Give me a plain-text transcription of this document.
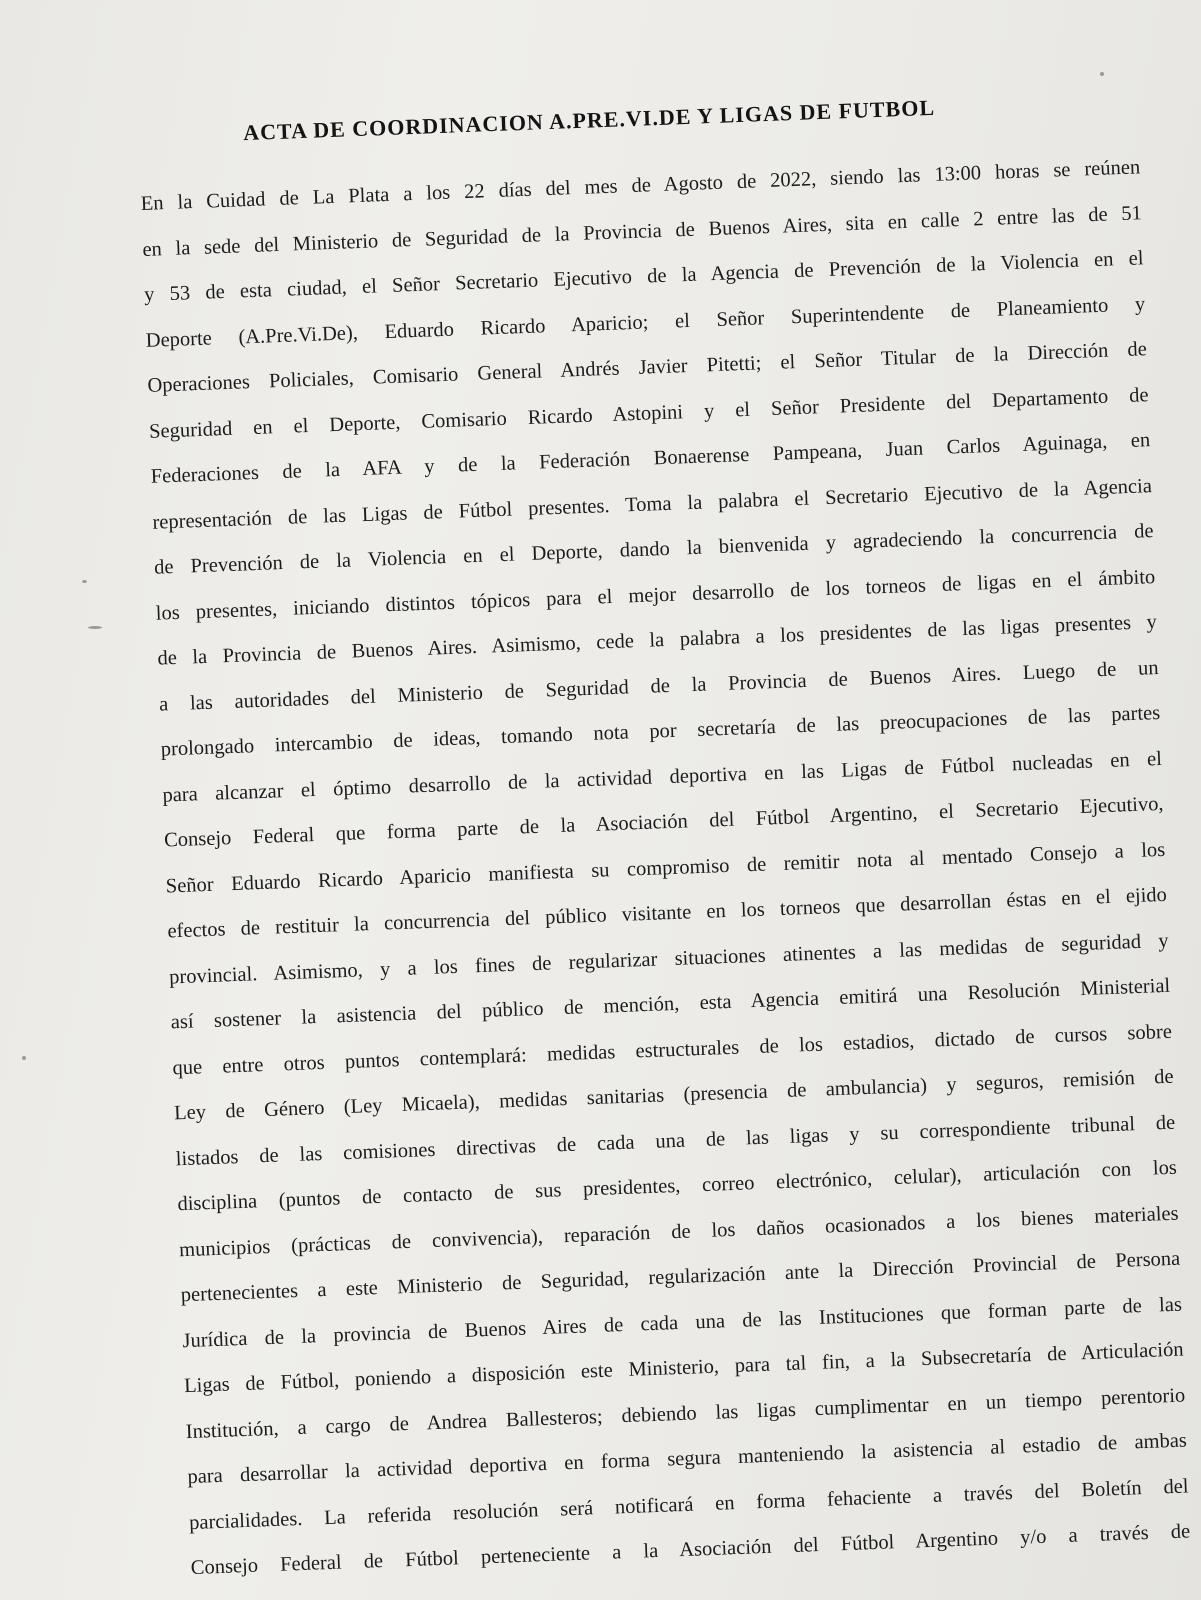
ACTA DE COORDINACION A.PRE.VI.DE Y LIGAS DE FUTBOL
En la Cuidad de La Plata a los 22 días del mes de Agosto de 2022, siendo las 13:00 horas se reúnen
en la sede del Ministerio de Seguridad de la Provincia de Buenos Aires, sita en calle 2 entre las de 51
y 53 de esta ciudad, el Señor Secretario Ejecutivo de la Agencia de Prevención de la Violencia en el
Deporte (A.Pre.Vi.De), Eduardo Ricardo Aparicio; el Señor Superintendente de Planeamiento y
Operaciones Policiales, Comisario General Andrés Javier Pitetti; el Señor Titular de la Dirección de
Seguridad en el Deporte, Comisario Ricardo Astopini y el Señor Presidente del Departamento de
Federaciones de la AFA y de la Federación Bonaerense Pampeana, Juan Carlos Aguinaga, en
representación de las Ligas de Fútbol presentes. Toma la palabra el Secretario Ejecutivo de la Agencia
de Prevención de la Violencia en el Deporte, dando la bienvenida y agradeciendo la concurrencia de
los presentes, iniciando distintos tópicos para el mejor desarrollo de los torneos de ligas en el ámbito
de la Provincia de Buenos Aires. Asimismo, cede la palabra a los presidentes de las ligas presentes y
a las autoridades del Ministerio de Seguridad de la Provincia de Buenos Aires. Luego de un
prolongado intercambio de ideas, tomando nota por secretaría de las preocupaciones de las partes
para alcanzar el óptimo desarrollo de la actividad deportiva en las Ligas de Fútbol nucleadas en el
Consejo Federal que forma parte de la Asociación del Fútbol Argentino, el Secretario Ejecutivo,
Señor Eduardo Ricardo Aparicio manifiesta su compromiso de remitir nota al mentado Consejo a los
efectos de restituir la concurrencia del público visitante en los torneos que desarrollan éstas en el ejido
provincial. Asimismo, y a los fines de regularizar situaciones atinentes a las medidas de seguridad y
así sostener la asistencia del público de mención, esta Agencia emitirá una Resolución Ministerial
que entre otros puntos contemplará: medidas estructurales de los estadios, dictado de cursos sobre
Ley de Género (Ley Micaela), medidas sanitarias (presencia de ambulancia) y seguros, remisión de
listados de las comisiones directivas de cada una de las ligas y su correspondiente tribunal de
disciplina (puntos de contacto de sus presidentes, correo electrónico, celular), articulación con los
municipios (prácticas de convivencia), reparación de los daños ocasionados a los bienes materiales
pertenecientes a este Ministerio de Seguridad, regularización ante la Dirección Provincial de Persona
Jurídica de la provincia de Buenos Aires de cada una de las Instituciones que forman parte de las
Ligas de Fútbol, poniendo a disposición este Ministerio, para tal fin, a la Subsecretaría de Articulación
Institución, a cargo de Andrea Ballesteros; debiendo las ligas cumplimentar en un tiempo perentorio
para desarrollar la actividad deportiva en forma segura manteniendo la asistencia al estadio de ambas
parcialidades. La referida resolución será notificará en forma fehaciente a través del Boletín del
Consejo Federal de Fútbol perteneciente a la Asociación del Fútbol Argentino y/o a través de
